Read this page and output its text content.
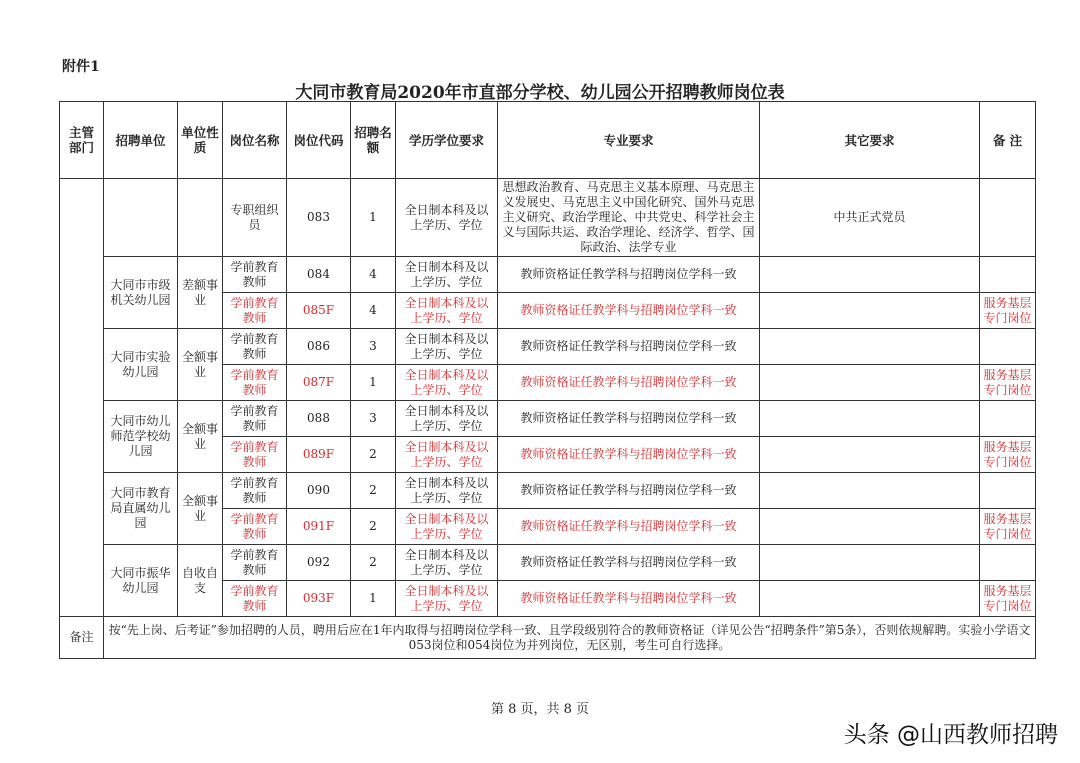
附件1
大同市教育局2020年市直部分学校、幼儿园公开招聘教师岗位表
主管部门	招聘单位	单位性质	岗位名称	岗位代码	招聘名额	学历学位要求	专业要求	其它要求	备 注
			专职组织员	083	1	全日制本科及以上学历、学位	思想政治教育、马克思主义基本原理、马克思主义发展史、马克思主义中国化研究、国外马克思主义研究、政治学理论、中共党史、科学社会主义与国际共运、政治学理论、经济学、哲学、国际政治、法学专业	中共正式党员	
	大同市市级机关幼儿园	差额事业	学前教育教师	084	4	全日制本科及以上学历、学位	教师资格证任教学科与招聘岗位学科一致		
			学前教育教师	085F	4	全日制本科及以上学历、学位	教师资格证任教学科与招聘岗位学科一致		服务基层专门岗位
	大同市实验幼儿园	全额事业	学前教育教师	086	3	全日制本科及以上学历、学位	教师资格证任教学科与招聘岗位学科一致		
			学前教育教师	087F	1	全日制本科及以上学历、学位	教师资格证任教学科与招聘岗位学科一致		服务基层专门岗位
	大同市幼儿师范学校幼儿园	全额事业	学前教育教师	088	3	全日制本科及以上学历、学位	教师资格证任教学科与招聘岗位学科一致		
			学前教育教师	089F	2	全日制本科及以上学历、学位	教师资格证任教学科与招聘岗位学科一致		服务基层专门岗位
	大同市教育局直属幼儿园	全额事业	学前教育教师	090	2	全日制本科及以上学历、学位	教师资格证任教学科与招聘岗位学科一致		
			学前教育教师	091F	2	全日制本科及以上学历、学位	教师资格证任教学科与招聘岗位学科一致		服务基层专门岗位
	大同市振华幼儿园	自收自支	学前教育教师	092	2	全日制本科及以上学历、学位	教师资格证任教学科与招聘岗位学科一致		
			学前教育教师	093F	1	全日制本科及以上学历、学位	教师资格证任教学科与招聘岗位学科一致		服务基层专门岗位
备注	按“先上岗、后考证”参加招聘的人员，聘用后应在1年内取得与招聘岗位学科一致、且学段级别符合的教师资格证（详见公告“招聘条件”第5条），否则依规解聘。实验小学语文053岗位和054岗位为并列岗位，无区别，考生可自行选择。								
第 8 页，共 8 页
头条 @山西教师招聘
